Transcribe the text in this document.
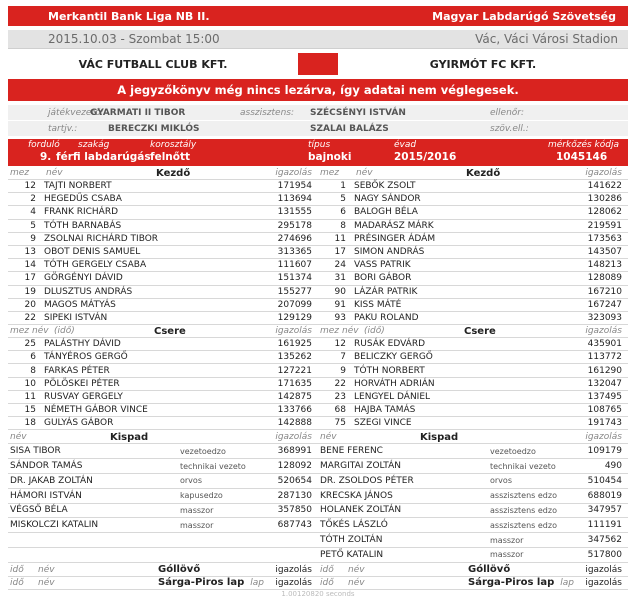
Merkantil Bank Liga NB II.	Magyar Labdarúgó Szövetség
2015.10.03 - Szombat 15:00	Vác, Váci Városi Stadion
VÁC FUTBALL CLUB KFT.	GYIRMÓT FC KFT.
A jegyzőkönyv még nincs lezárva, így adatai nem véglegesek.
játékvezető:
GYARMATI II TIBOR	asszisztens:	SZÉCSÉNYI ISTVÁN	ellenőr:
tartjv.:	BERECZKI MIKLÓS	SZALAI BALÁZS	szöv.ell.:
forduló
9.
szakág
férfi labdarúgás
korosztály
felnőtt
típus
bajnoki
évad
2015/2016
mérkőzés kódja
1045146
mez	név	Kezdő	igazolás
12 TAJTI NORBERT	171954
2 HEGEDŰS CSABA	113694
4 FRANK RICHÁRD	131555
5 TÓTH BARNABÁS	295178
9 ZSOLNAI RICHÁRD TIBOR	274696
13 OBOT DENIS SAMUEL	313365
14 TÓTH GERGELY CSABA	111607
17 GÖRGÉNYI DÁVID	151374
19 DLUSZTUS ANDRÁS	155277
20 MAGOS MÁTYÁS	207099
22 SIPEKI ISTVÁN	129129
mez név (idő)	Csere	igazolás
25 PALÁSTHY DÁVID	161925
6 TÁNYÉROS GERGŐ	135262
8 FARKAS PÉTER	127221
10 PÖLÖSKEI PÉTER	171635
11 RUSVAY GERGELY	142875
15 NÉMETH GÁBOR VINCE	133766
18 GULYÁS GÁBOR	142888
mez	név	Kezdő	igazolás
1 SEBŐK ZSOLT	141622
5 NAGY SÁNDOR	130286
6 BALOGH BÉLA	128062
8 MADARÁSZ MÁRK	219591
11 PRÉSINGER ÁDÁM	173563
17 SIMON ANDRÁS	143507
24 VASS PATRIK	148213
31 BORI GÁBOR	128089
90 LÁZÁR PATRIK	167210
91 KISS MÁTÉ	167247
93 PAKU ROLAND	323093
mez név (idő)	Csere	igazolás
12 RUSÁK EDVÁRD	435901
7 BELICZKY GERGŐ	113772
9 TÓTH NORBERT	161290
22 HORVÁTH ADRIÁN	132047
23 LENGYEL DÁNIEL	137495
68 HAJBA TAMÁS	108765
75 SZEGI VINCE	191743
név	Kispad	igazolás
SISA TIBOR	vezetoedzo	368991
SÁNDOR TAMÁS	technikai vezeto	128092
DR. JAKAB ZOLTÁN	orvos	520654
HÁMORI ISTVÁN	kapusedzo	287130
VÉGSŐ BÉLA	masszor	357850
MISKOLCZI KATALIN	masszor	687743
név	Kispad	igazolás
BENE FERENC	vezetoedzo	109179
MARGITAI ZOLTÁN	technikai vezeto	490
DR. ZSOLDOS PÉTER	orvos	510454
KRECSKA JÁNOS	asszisztens edzo	688019
HOLANEK ZOLTÁN	asszisztens edzo	347957
TŐKÉS LÁSZLÓ	asszisztens edzo	111191
TÓTH ZOLTÁN	masszor	347562
PETŐ KATALIN	masszor	517800
idő	név	Góllövő	igazolás
idő	név	Sárga-Piros lap lap igazolás
idő	név	Góllövő	igazolás
idő	név	Sárga-Piros lap lap igazolás
1.00120820 seconds
